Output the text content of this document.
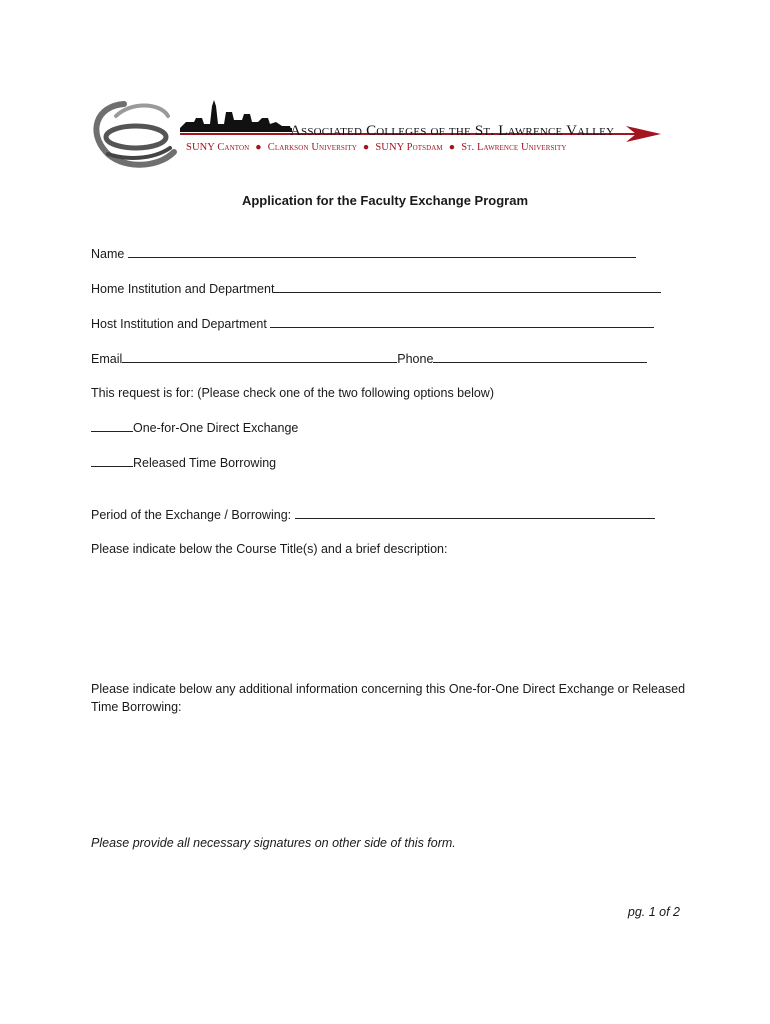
Associated Colleges of the St. Lawrence Valley
SUNY Canton ● Clarkson University ● SUNY Potsdam ● St. Lawrence University
Application for the Faculty Exchange Program
Name
Home Institution and Department
Host Institution and Department
Email	Phone
This request is for: (Please check one of the two following options below)
One-for-One Direct Exchange
Released Time Borrowing
Period of the Exchange / Borrowing:
Please indicate below the Course Title(s) and a brief description:
Please indicate below any additional information concerning this One-for-One Direct Exchange or Released Time Borrowing:
Please provide all necessary signatures on other side of this form.
pg. 1 of 2
